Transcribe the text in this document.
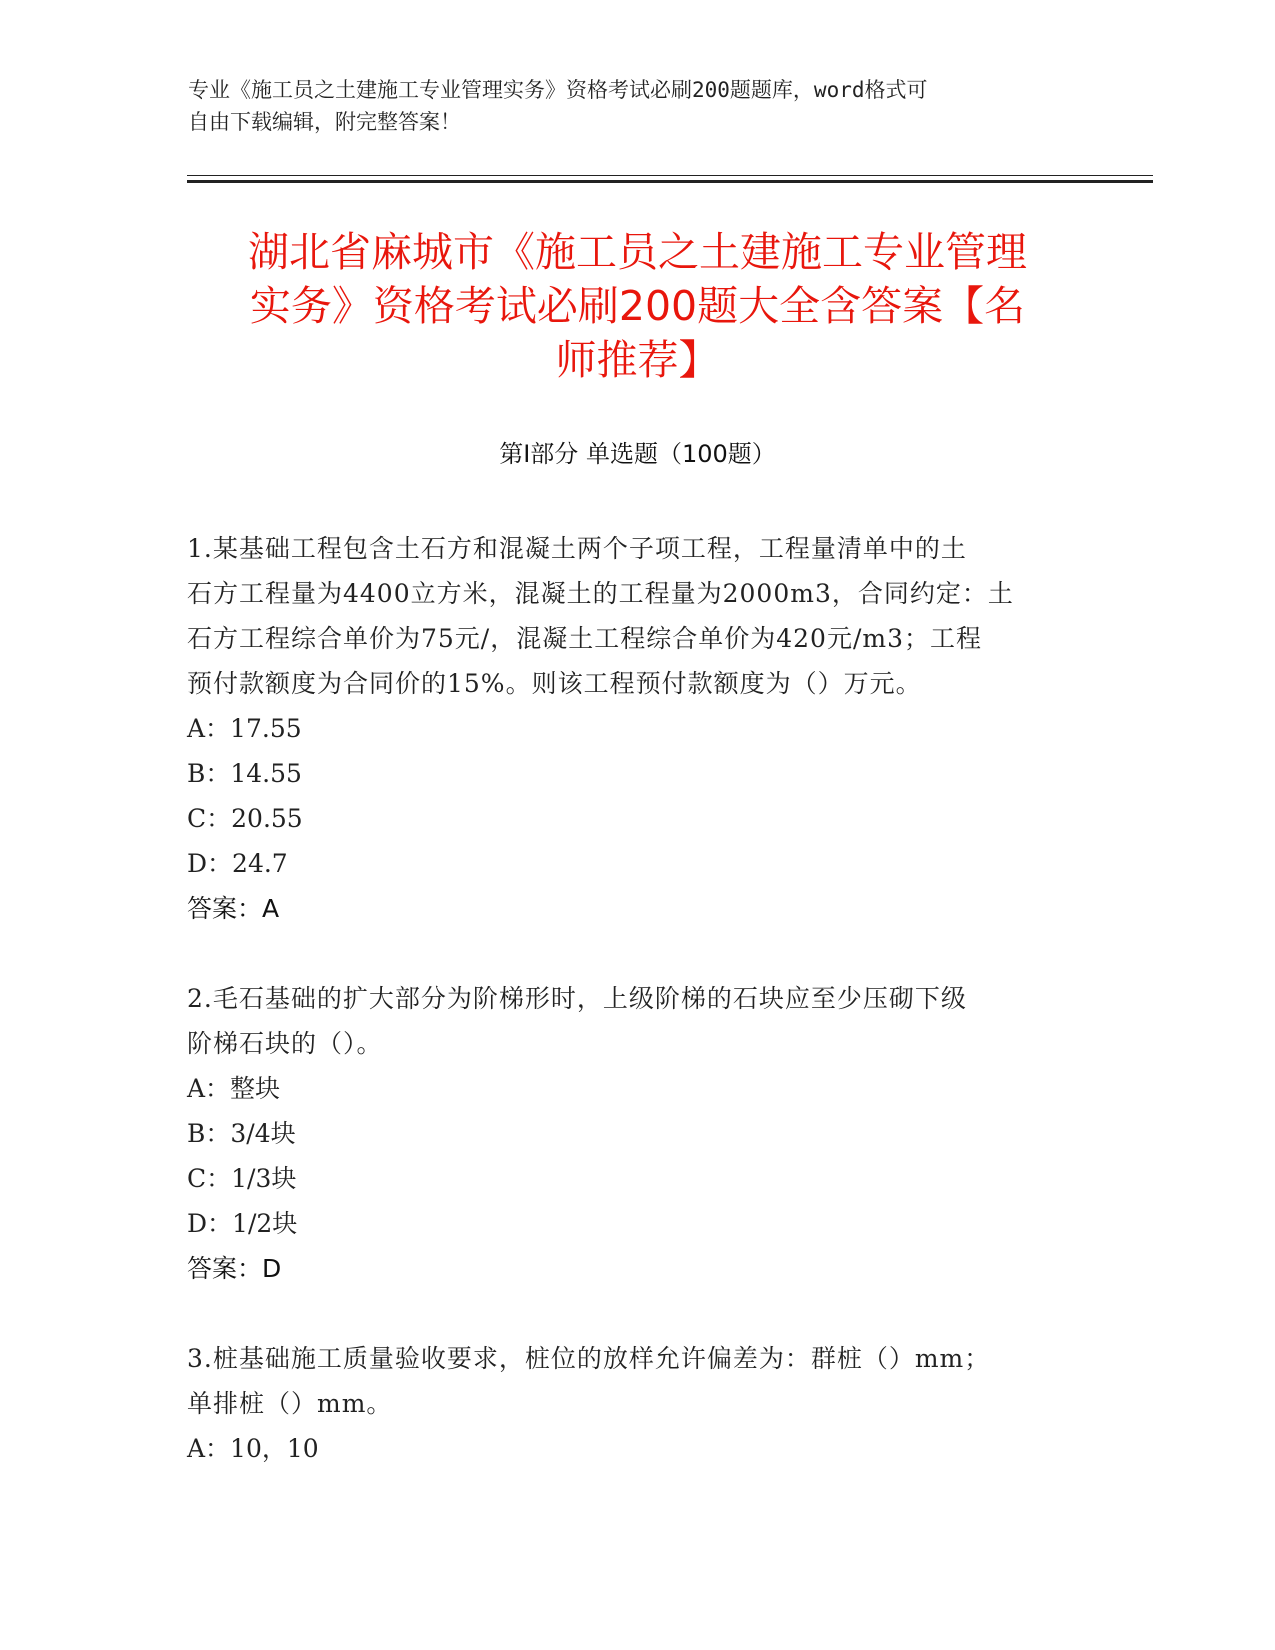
专业《施工员之土建施工专业管理实务》资格考试必刷200题题库，word格式可
自由下载编辑，附完整答案！
湖北省麻城市《施工员之土建施工专业管理
实务》资格考试必刷200题大全含答案【名
师推荐】
第I部分 单选题（100题）
1.某基础工程包含土石方和混凝土两个子项工程，工程量清单中的土
石方工程量为4400立方米，混凝土的工程量为2000m3，合同约定：土
石方工程综合单价为75元/，混凝土工程综合单价为420元/m3；工程
预付款额度为合同价的15%。则该工程预付款额度为（）万元。
A：17.55
B：14.55
C：20.55
D：24.7
答案：A
2.毛石基础的扩大部分为阶梯形时，上级阶梯的石块应至少压砌下级
阶梯石块的（）。
A：整块
B：3/4块
C：1/3块
D：1/2块
答案：D
3.桩基础施工质量验收要求，桩位的放样允许偏差为：群桩（）mm；
单排桩（）mm。
A：10，10
